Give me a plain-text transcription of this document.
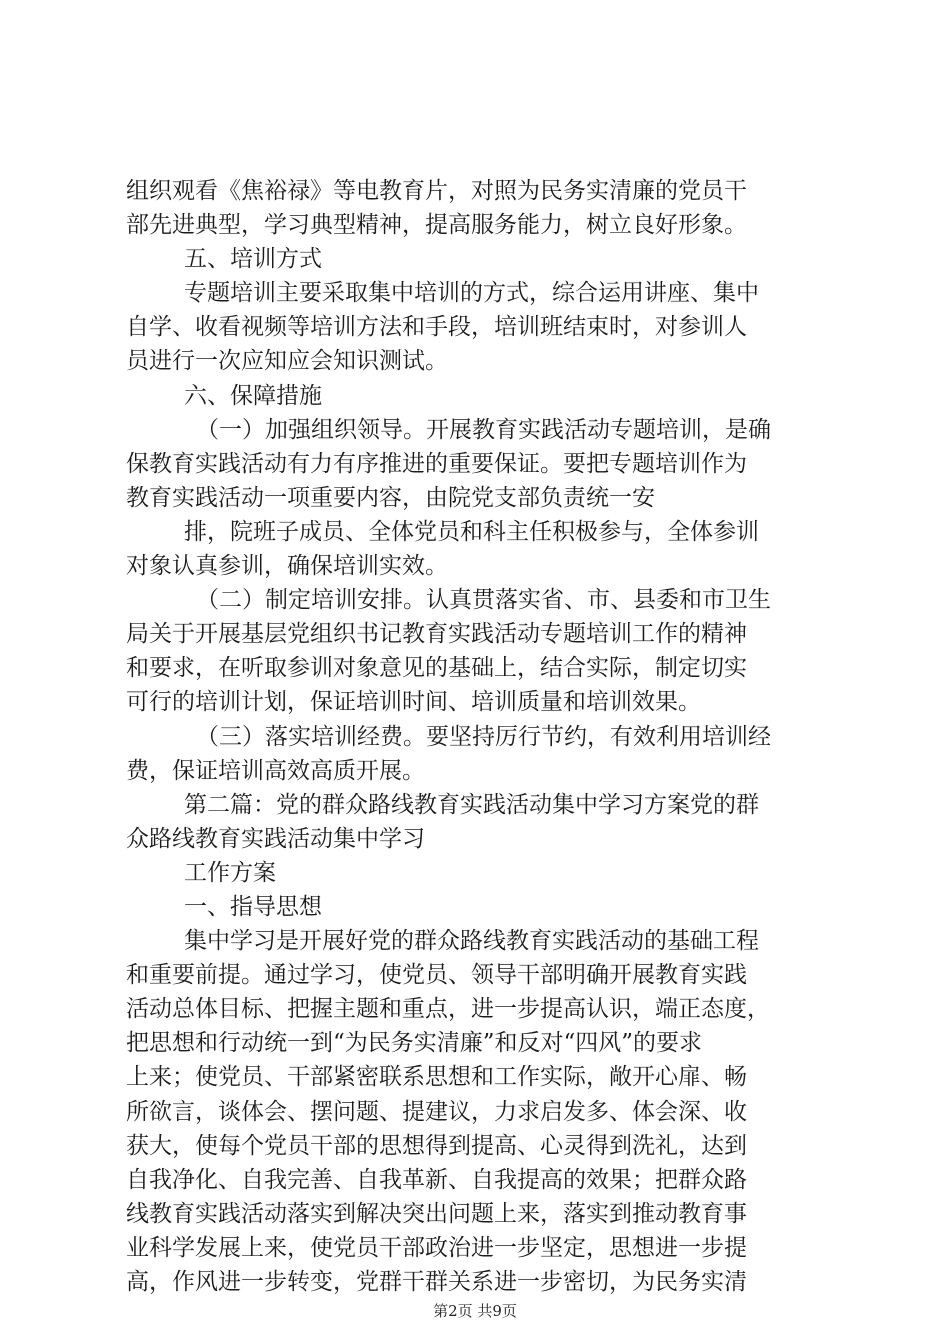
组织观看《焦裕禄》等电教育片，对照为民务实清廉的党员干
部先进典型，学习典型精神，提高服务能力，树立良好形象。
五、培训方式
专题培训主要采取集中培训的方式，综合运用讲座、集中
自学、收看视频等培训方法和手段，培训班结束时，对参训人
员进行一次应知应会知识测试。
六、保障措施
（一）加强组织领导。开展教育实践活动专题培训，是确
保教育实践活动有力有序推进的重要保证。要把专题培训作为
教育实践活动一项重要内容，由院党支部负责统一安
排，院班子成员、全体党员和科主任积极参与，全体参训
对象认真参训，确保培训实效。
（二）制定培训安排。认真贯落实省、市、县委和市卫生
局关于开展基层党组织书记教育实践活动专题培训工作的精神
和要求，在听取参训对象意见的基础上，结合实际，制定切实
可行的培训计划，保证培训时间、培训质量和培训效果。
（三）落实培训经费。要坚持厉行节约，有效利用培训经
费，保证培训高效高质开展。
第二篇：党的群众路线教育实践活动集中学习方案党的群
众路线教育实践活动集中学习
工作方案
一、指导思想
集中学习是开展好党的群众路线教育实践活动的基础工程
和重要前提。通过学习，使党员、领导干部明确开展教育实践
活动总体目标、把握主题和重点，进一步提高认识，端正态度，
把思想和行动统一到“为民务实清廉”和反对“四风”的要求
上来；使党员、干部紧密联系思想和工作实际，敞开心扉、畅
所欲言，谈体会、摆问题、提建议，力求启发多、体会深、收
获大，使每个党员干部的思想得到提高、心灵得到洗礼，达到
自我净化、自我完善、自我革新、自我提高的效果；把群众路
线教育实践活动落实到解决突出问题上来，落实到推动教育事
业科学发展上来，使党员干部政治进一步坚定，思想进一步提
高，作风进一步转变，党群干群关系进一步密切，为民务实清
第2页 共9页
